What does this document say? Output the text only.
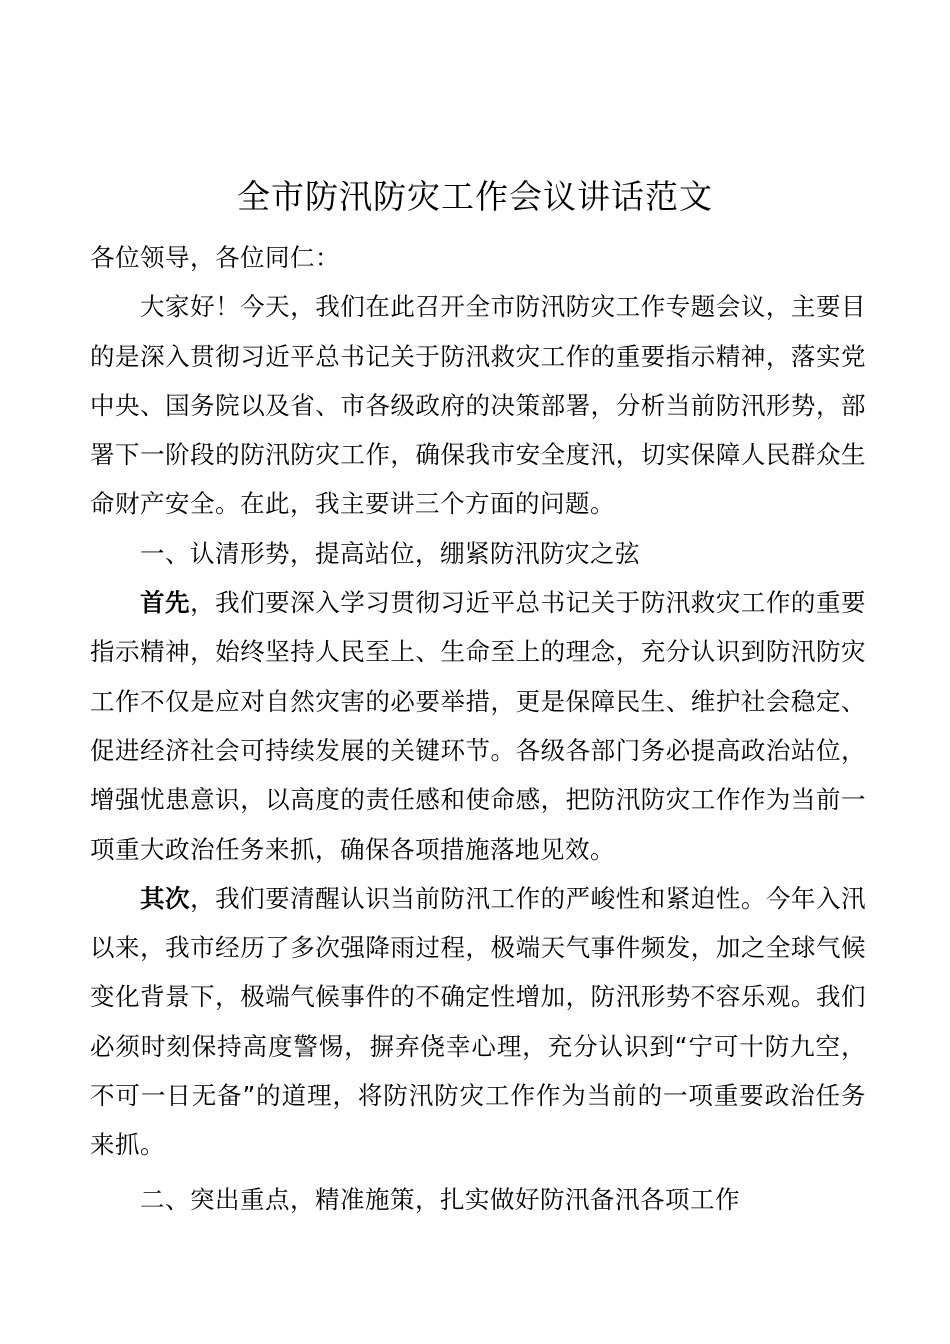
全市防汛防灾工作会议讲话范文

各位领导，各位同仁：

大家好！今天，我们在此召开全市防汛防灾工作专题会议，主要目的是深入贯彻习近平总书记关于防汛救灾工作的重要指示精神，落实党中央、国务院以及省、市各级政府的决策部署，分析当前防汛形势，部署下一阶段的防汛防灾工作，确保我市安全度汛，切实保障人民群众生命财产安全。在此，我主要讲三个方面的问题。

一、认清形势，提高站位，绷紧防汛防灾之弦

首先，我们要深入学习贯彻习近平总书记关于防汛救灾工作的重要指示精神，始终坚持人民至上、生命至上的理念，充分认识到防汛防灾工作不仅是应对自然灾害的必要举措，更是保障民生、维护社会稳定、促进经济社会可持续发展的关键环节。各级各部门务必提高政治站位，增强忧患意识，以高度的责任感和使命感，把防汛防灾工作作为当前一项重大政治任务来抓，确保各项措施落地见效。

其次，我们要清醒认识当前防汛工作的严峻性和紧迫性。今年入汛以来，我市经历了多次强降雨过程，极端天气事件频发，加之全球气候变化背景下，极端气候事件的不确定性增加，防汛形势不容乐观。我们必须时刻保持高度警惕，摒弃侥幸心理，充分认识到“宁可十防九空，不可一日无备”的道理，将防汛防灾工作作为当前的一项重要政治任务来抓。

二、突出重点，精准施策，扎实做好防汛备汛各项工作
